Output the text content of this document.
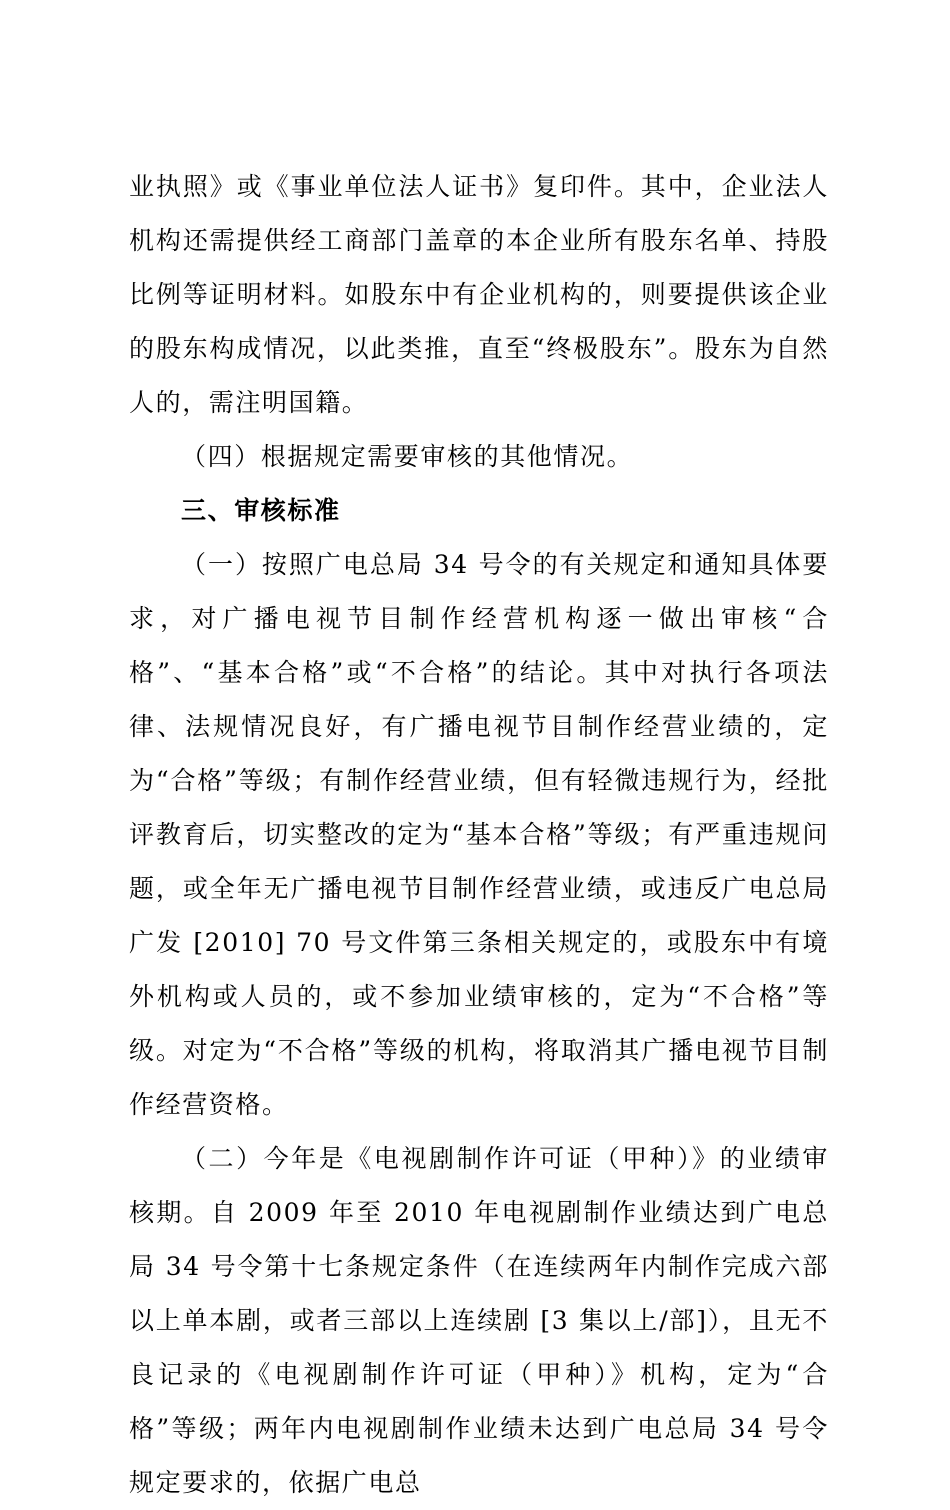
业执照》或《事业单位法人证书》复印件。其中，企业法人机构还需提供经工商部门盖章的本企业所有股东名单、持股比例等证明材料。如股东中有企业机构的，则要提供该企业的股东构成情况，以此类推，直至“终极股东”。股东为自然人的，需注明国籍。

（四）根据规定需要审核的其他情况。

三、审核标准

（一）按照广电总局 34 号令的有关规定和通知具体要求，对广播电视节目制作经营机构逐一做出审核“合格”、“基本合格”或“不合格”的结论。其中对执行各项法律、法规情况良好，有广播电视节目制作经营业绩的，定为“合格”等级；有制作经营业绩，但有轻微违规行为，经批评教育后，切实整改的定为“基本合格”等级；有严重违规问题，或全年无广播电视节目制作经营业绩，或违反广电总局广发 [2010] 70 号文件第三条相关规定的，或股东中有境外机构或人员的，或不参加业绩审核的，定为“不合格”等级。对定为“不合格”等级的机构，将取消其广播电视节目制作经营资格。

（二）今年是《电视剧制作许可证（甲种）》的业绩审核期。自 2009 年至 2010 年电视剧制作业绩达到广电总局 34 号令第十七条规定条件（在连续两年内制作完成六部以上单本剧，或者三部以上连续剧 [3 集以上/部]），且无不良记录的《电视剧制作许可证（甲种）》机构，定为“合格”等级；两年内电视剧制作业绩未达到广电总局 34 号令规定要求的，依据广电总
